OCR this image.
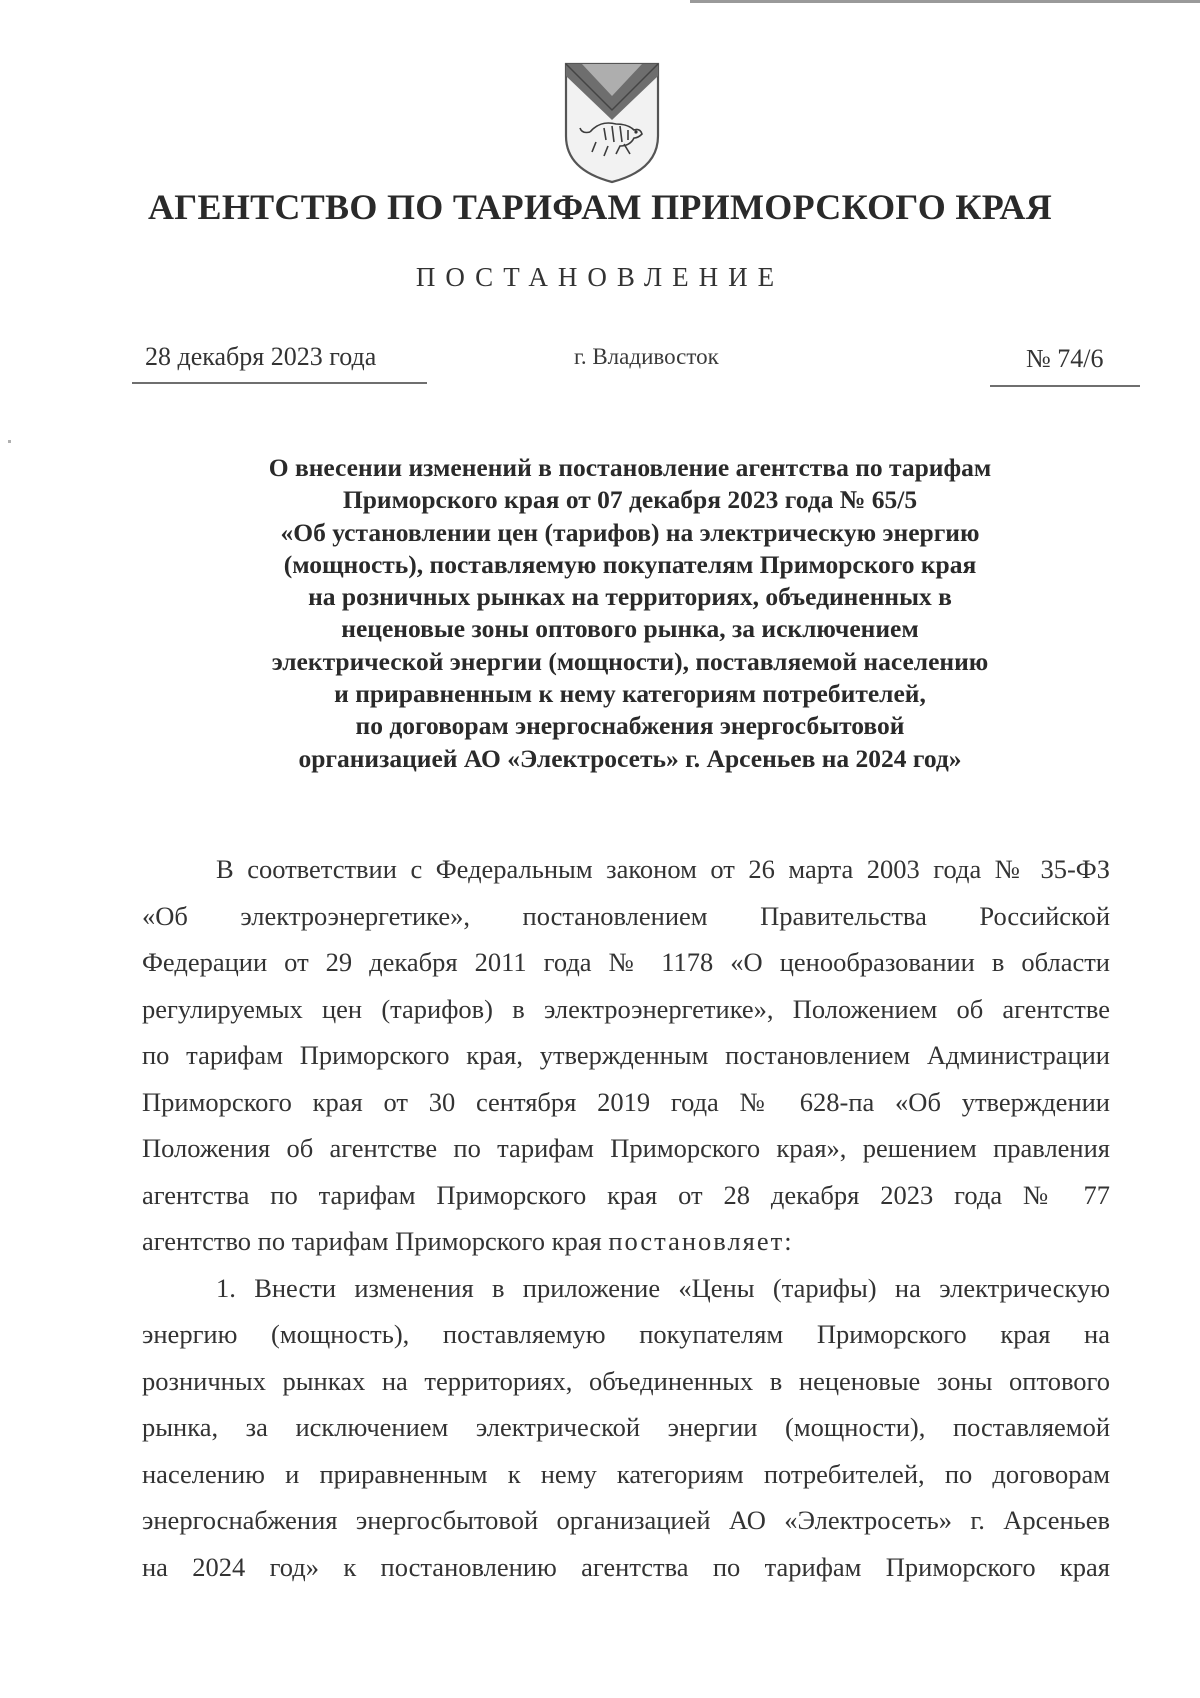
АГЕНТСТВО ПО ТАРИФАМ ПРИМОРСКОГО КРАЯ
ПОСТАНОВЛЕНИЕ
28 декабря 2023 года	г. Владивосток	№ 74/6
О внесении изменений в постановление агентства по тарифам
Приморского края от 07 декабря 2023 года № 65/5
«Об установлении цен (тарифов) на электрическую энергию
(мощность), поставляемую покупателям Приморского края
на розничных рынках на территориях, объединенных в
неценовые зоны оптового рынка, за исключением
электрической энергии (мощности), поставляемой населению
и приравненным к нему категориям потребителей,
по договорам энергоснабжения энергосбытовой
организацией АО «Электросеть» г. Арсеньев на 2024 год»
В соответствии с Федеральным законом от 26 марта 2003 года № 35-ФЗ
«Об электроэнергетике», постановлением Правительства Российской
Федерации от 29 декабря 2011 года № 1178 «О ценообразовании в области
регулируемых цен (тарифов) в электроэнергетике», Положением об агентстве
по тарифам Приморского края, утвержденным постановлением Администрации
Приморского края от 30 сентября 2019 года № 628-па «Об утверждении
Положения об агентстве по тарифам Приморского края», решением правления
агентства по тарифам Приморского края от 28 декабря 2023 года № 77
агентство по тарифам Приморского края постановляет:
1. Внести изменения в приложение «Цены (тарифы) на электрическую
энергию (мощность), поставляемую покупателям Приморского края на
розничных рынках на территориях, объединенных в неценовые зоны оптового
рынка, за исключением электрической энергии (мощности), поставляемой
населению и приравненным к нему категориям потребителей, по договорам
энергоснабжения энергосбытовой организацией АО «Электросеть» г. Арсеньев
на 2024 год» к постановлению агентства по тарифам Приморского края
